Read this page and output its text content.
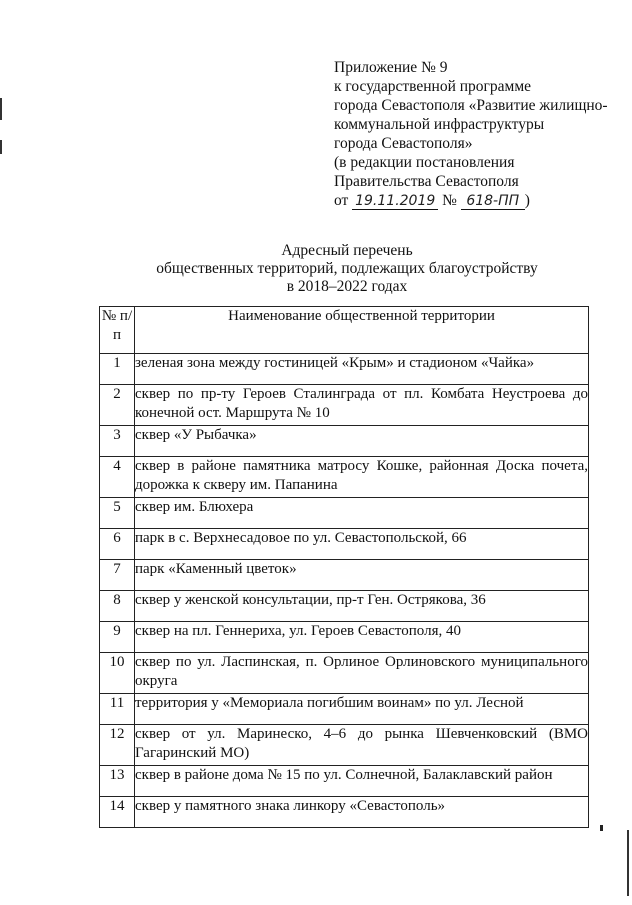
Приложение № 9
к государственной программе
города Севастополя «Развитие жилищно-
коммунальной инфраструктуры
города Севастополя»
(в редакции постановления
Правительства Севастополя
от 19.11.2019 № 618-ПП )
Адресный перечень
общественных территорий, подлежащих благоустройству
в 2018–2022 годах
№ п/п	Наименование общественной территории
1	зеленая зона между гостиницей «Крым» и стадионом «Чайка»
2	сквер по пр-ту Героев Сталинграда от пл. Комбата Неустроева до конечной ост. Маршрута № 10
3	сквер «У Рыбачка»
4	сквер в районе памятника матросу Кошке, районная Доска почета, дорожка к скверу им. Папанина
5	сквер им. Блюхера
6	парк в с. Верхнесадовое по ул. Севастопольской, 66
7	парк «Каменный цветок»
8	сквер у женской консультации, пр-т Ген. Острякова, 36
9	сквер на пл. Геннериха, ул. Героев Севастополя, 40
10	сквер по ул. Ласпинская, п. Орлиное Орлиновского муниципального округа
11	территория у «Мемориала погибшим воинам» по ул. Лесной
12	сквер от ул. Маринеско, 4–6 до рынка Шевченковский (ВМО Гагаринский МО)
13	сквер в районе дома № 15 по ул. Солнечной, Балаклавский район
14	сквер у памятного знака линкору «Севастополь»
